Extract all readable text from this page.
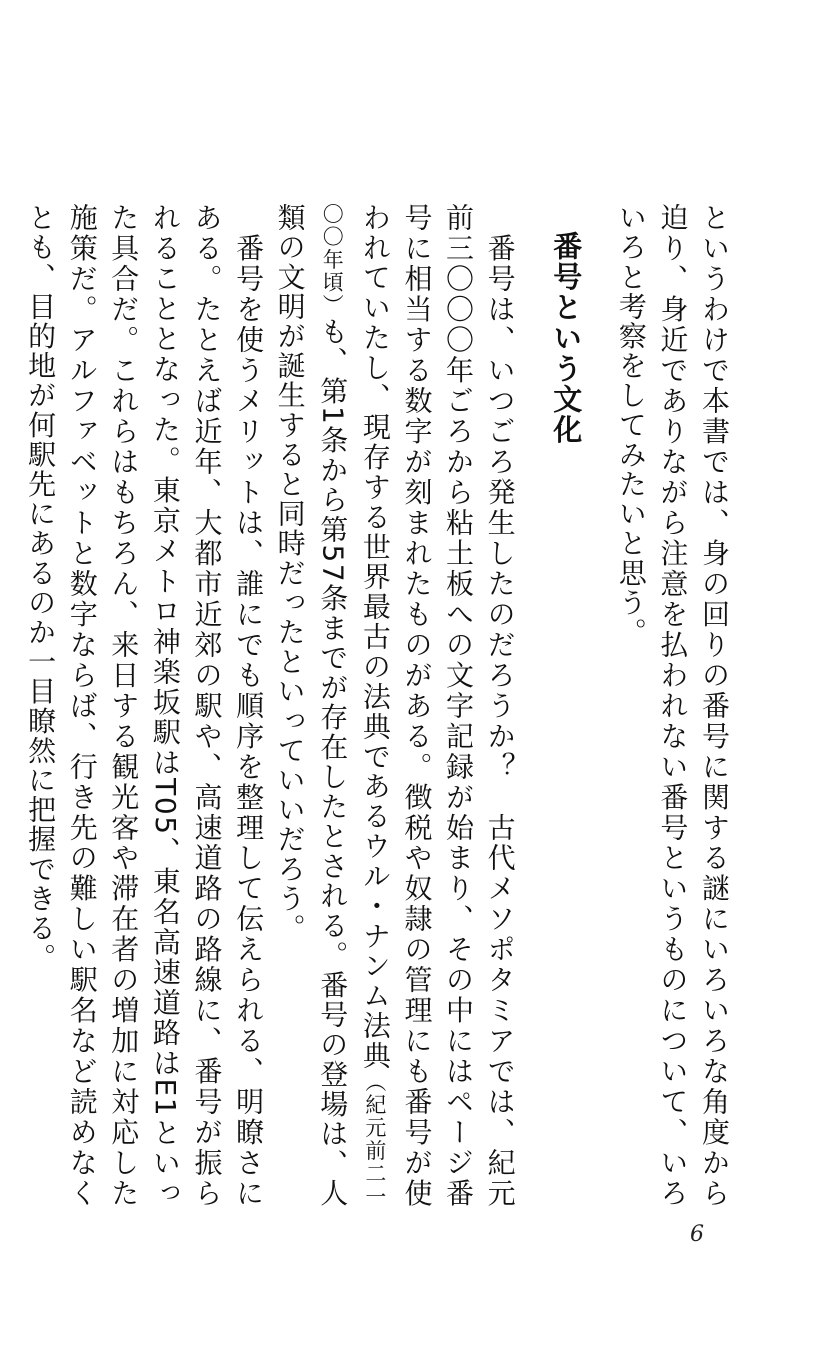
というわけで本書では、身の回りの番号に関する謎にいろいろな角度から迫り、身近でありながら注意を払われない番号というものについて、いろいろと考察をしてみたいと思う。

番号という文化

　番号は、いつごろ発生したのだろうか？　古代メソポタミアでは、紀元前三〇〇〇年ごろから粘土板への文字記録が始まり、その中にはページ番号に相当する数字が刻まれたものがある。徴税や奴隷の管理にも番号が使われていたし、現存する世界最古の法典であるウル・ナンム法典（紀元前二一〇〇年頃）も、第1条から第57条までが存在したとされる。番号の登場は、人類の文明が誕生すると同時だったといっていいだろう。

　番号を使うメリットは、誰にでも順序を整理して伝えられる、明瞭さにある。たとえば近年、大都市近郊の駅や、高速道路の路線に、番号が振られることとなった。東京メトロ神楽坂駅はT05、東名高速道路はE1といった具合だ。これらはもちろん、来日する観光客や滞在者の増加に対応した施策だ。アルファベットと数字ならば、行き先の難しい駅名など読めなくとも、目的地が何駅先にあるのか一目瞭然に把握できる。

6
